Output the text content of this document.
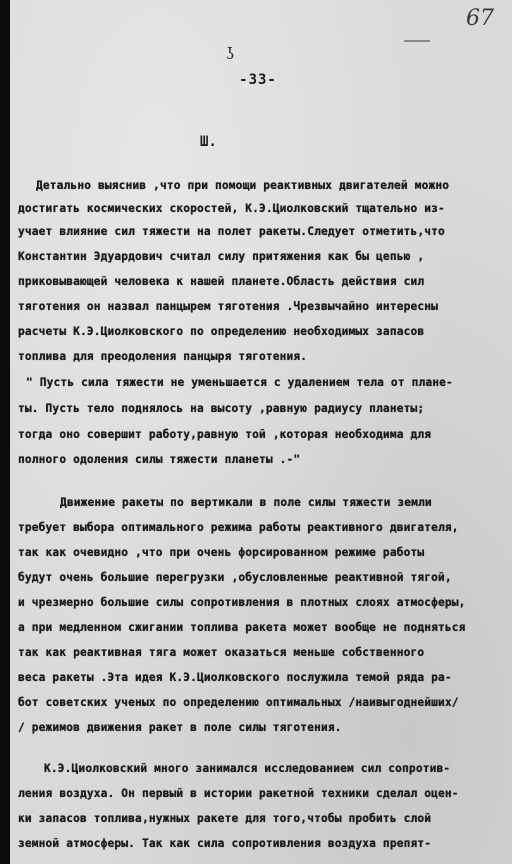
67
ʖ
-33-
Ш.
Детально выяснив ,что при помощи реактивных двигателей можно
достигать космических скоростей, К.Э.Циолковский тщательно из-
учает влияние сил тяжести на полет ракеты.Следует отметить,что
Константин Эдуардович считал силу притяжения как бы цепью ,
приковывающей человека к нашей планете.Область действия сил
тяготения он назвал панцырем тяготения .Чрезвычайно интересны
расчеты К.Э.Циолковского по определению необходимых запасов
топлива для преодоления панцыря тяготения.
" Пусть сила тяжести не уменьшается с удалением тела от плане-
ты. Пусть тело поднялось на высоту ,равную радиусу планеты;
тогда оно совершит работу,равную той ,которая необходима для
полного одоления силы тяжести планеты .-"
Движение ракеты по вертикали в поле силы тяжести земли
требует выбора оптимального режима работы реактивного двигателя,
так как очевидно ,что при очень форсированном режиме работы
будут очень большие перегрузки ,обусловленные реактивной тягой,
и чрезмерно большие силы сопротивления в плотных слоях атмосферы,
а при медленном сжигании топлива ракета может вообще не подняться
так как реактивная тяга может оказаться меньше собственного
веса ракеты .Эта идея К.Э.Циолковского послужила темой ряда ра-
бот советских ученых по определению оптимальных /наивыгоднейших/
/ режимов движения ракет в поле силы тяготения.
К.Э.Циолковский много занимался исследованием сил сопротив-
ления воздуха. Он первый в истории ракетной техники сделал оцен-
ки запасов топлива,нужных ракете для того,чтобы пробить слой
земной атмосферы. Так как сила сопротивления воздуха препят-
